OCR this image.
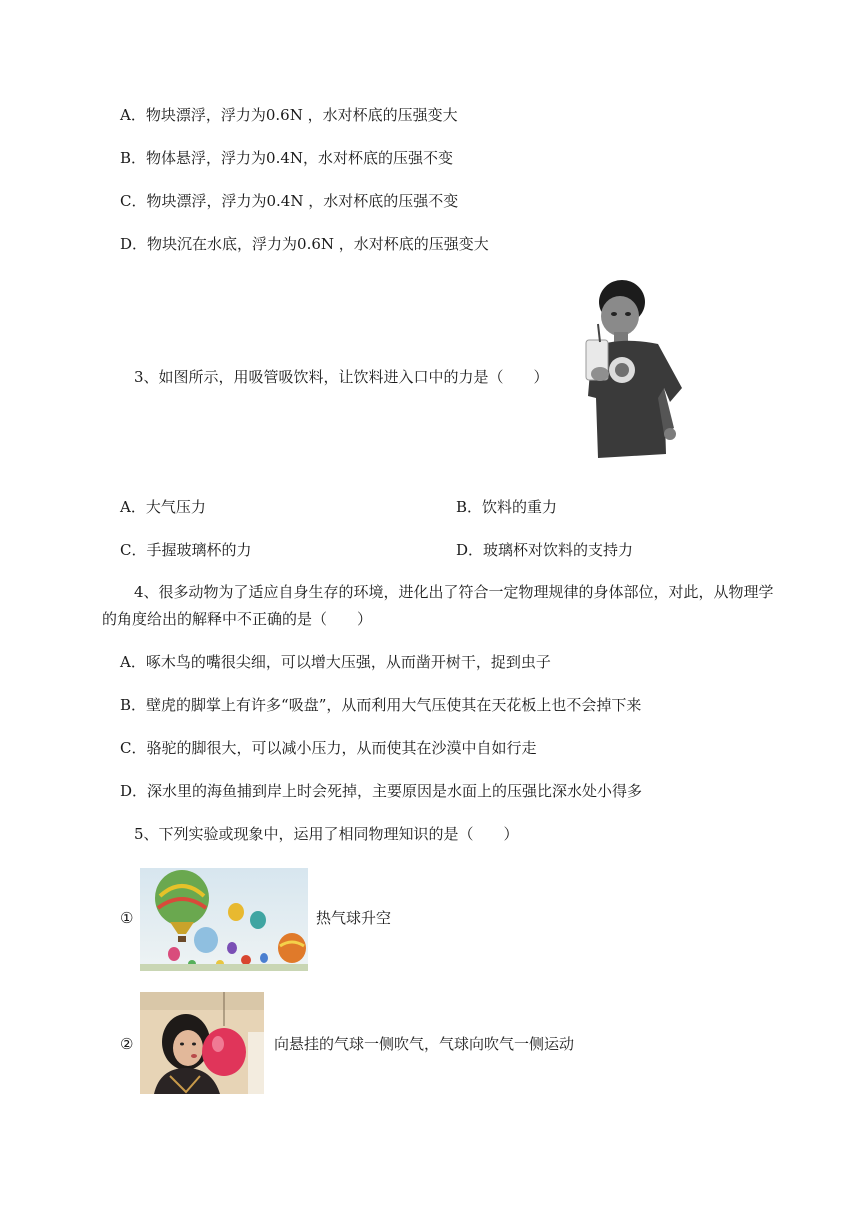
A．物块漂浮，浮力为0.6N ，水对杯底的压强变大
B．物体悬浮，浮力为0.4N，水对杯底的压强不变
C．物块漂浮，浮力为0.4N ，水对杯底的压强不变
D．物块沉在水底，浮力为0.6N ，水对杯底的压强变大
3、如图所示，用吸管吸饮料，让饮料进入口中的力是（　　）
A．大气压力	B．饮料的重力
C．手握玻璃杯的力	D．玻璃杯对饮料的支持力
4、很多动物为了适应自身生存的环境，进化出了符合一定物理规律的身体部位，对此，从物理学
的角度给出的解释中不正确的是（　　）
A．啄木鸟的嘴很尖细，可以增大压强，从而凿开树干，捉到虫子
B．壁虎的脚掌上有许多“吸盘”，从而利用大气压使其在天花板上也不会掉下来
C．骆驼的脚很大，可以减小压力，从而使其在沙漠中自如行走
D．深水里的海鱼捕到岸上时会死掉，主要原因是水面上的压强比深水处小得多
5、下列实验或现象中，运用了相同物理知识的是（　　）
①	热气球升空
②	向悬挂的气球一侧吹气，气球向吹气一侧运动
